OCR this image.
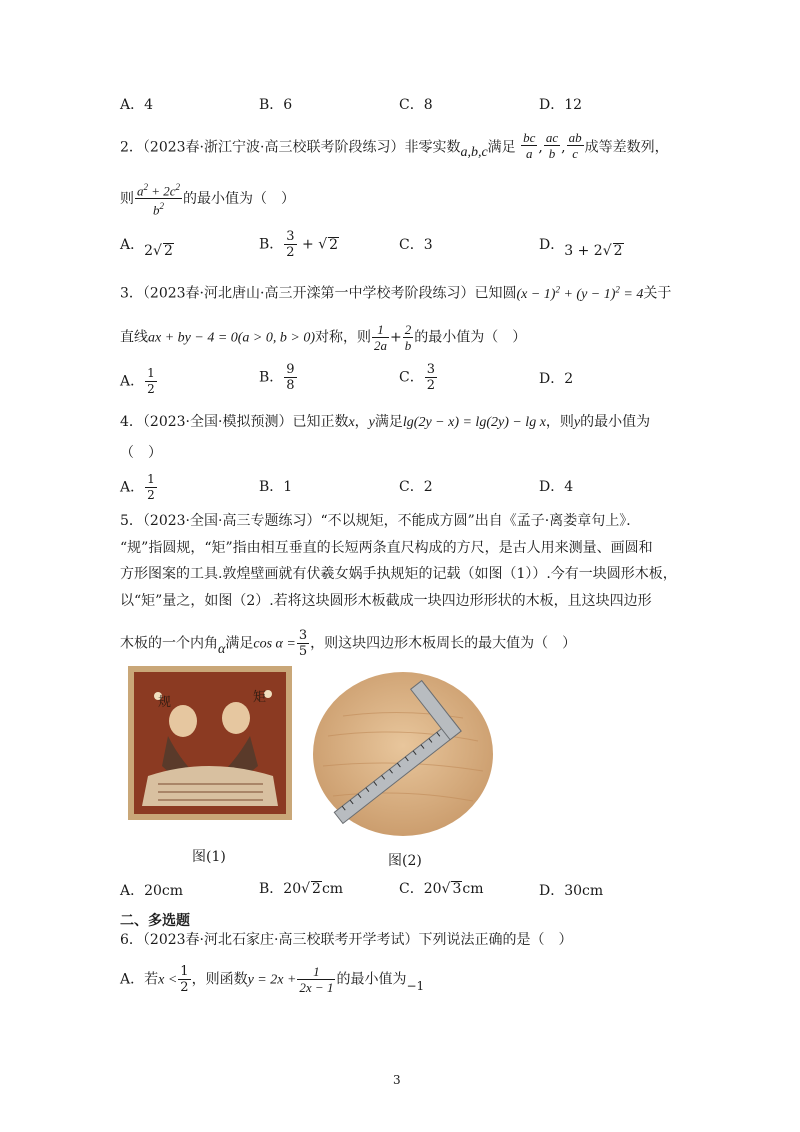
A．4	B．6	C．8	D．12
2．（2023春·浙江宁波·高三校联考阶段练习）非零实数a,b,c满足 $\frac{bc}{a}$ , $\frac{ac}{b}$ , $\frac{ab}{c}$ 成等差数列，
则 $\frac{a^2 + 2c^2}{b^2}$ 的最小值为（　）
A．2√ 2	B． $\frac{3}{2}$ + √ 2	C．3	D．3 + 2√ 2
3．（2023春·河北唐山·高三开滦第一中学校考阶段练习）已知圆$(x - 1)^2 + (y - 1)^2 = 4$关于
直线ax + by − 4 = 0(a > 0, b > 0)对称，则 $\frac{1}{2a} + \frac{2}{b}$ 的最小值为（　）
A． $\frac{1}{2}$	B． $\frac{9}{8}$	C． $\frac{3}{2}$	D．2
4．（2023·全国·模拟预测）已知正数x，y满足lg(2y − x) = lg(2y) − lg x，则y的最小值为
（　）
A． $\frac{1}{2}$	B．1	C．2	D．4
5．（2023·全国·高三专题练习）“不以规矩，不能成方圆”出自《孟子·离娄章句上》．
“规”指圆规，“矩”指由相互垂直的长短两条直尺构成的方尺，是古人用来测量、画圆和
方形图案的工具.敦煌壁画就有伏羲女娲手执规矩的记载（如图（1））.今有一块圆形木板，
以“矩”量之，如图（2）.若将这块圆形木板截成一块四边形形状的木板，且这块四边形
木板的一个内角α满足$\cos \alpha = \frac{3}{5}$ ，则这块四边形木板周长的最大值为（　）
规	矩
图(1)	图(2)
A．20cm	B．20√ 2cm	C．20√ 3cm	D．30cm
二、多选题
6．（2023春·河北石家庄·高三校联考开学考试）下列说法正确的是（　）
A．若$x < \frac{1}{2}$ ，则函数$y = 2x + \frac{1}{2x - 1}$ 的最小值为−1
3
